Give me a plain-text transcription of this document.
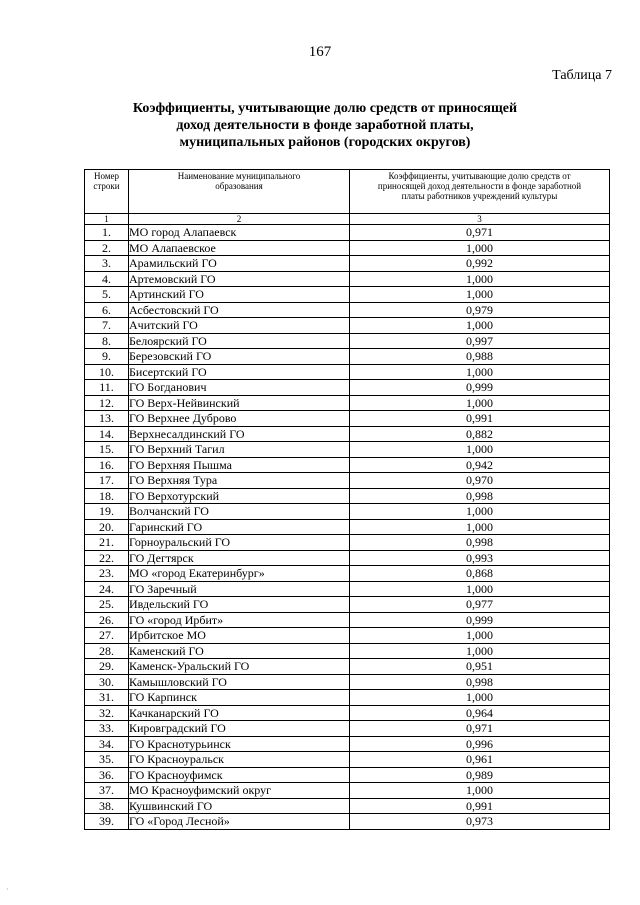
167
Таблица 7
Коэффициенты, учитывающие долю средств от приносящей
доход деятельности в фонде заработной платы,
муниципальных районов (городских округов)
Номер строки	Наименование муниципального образования	Коэффициенты, учитывающие долю средств от приносящей доход деятельности в фонде заработной платы работников учреждений культуры
1	2	3
1.	МО город Алапаевск	0,971
2.	МО Алапаевское	1,000
3.	Арамильский ГО	0,992
4.	Артемовский ГО	1,000
5.	Артинский ГО	1,000
6.	Асбестовский ГО	0,979
7.	Ачитский ГО	1,000
8.	Белоярский ГО	0,997
9.	Березовский ГО	0,988
10.	Бисертский ГО	1,000
11.	ГО Богданович	0,999
12.	ГО Верх-Нейвинский	1,000
13.	ГО Верхнее Дуброво	0,991
14.	Верхнесалдинский ГО	0,882
15.	ГО Верхний Тагил	1,000
16.	ГО Верхняя Пышма	0,942
17.	ГО Верхняя Тура	0,970
18.	ГО Верхотурский	0,998
19.	Волчанский ГО	1,000
20.	Гаринский ГО	1,000
21.	Горноуральский ГО	0,998
22.	ГО Дегтярск	0,993
23.	МО «город Екатеринбург»	0,868
24.	ГО Заречный	1,000
25.	Ивдельский ГО	0,977
26.	ГО «город Ирбит»	0,999
27.	Ирбитское МО	1,000
28.	Каменский ГО	1,000
29.	Каменск-Уральский ГО	0,951
30.	Камышловский ГО	0,998
31.	ГО Карпинск	1,000
32.	Качканарский ГО	0,964
33.	Кировградский ГО	0,971
34.	ГО Краснотурьинск	0,996
35.	ГО Красноуральск	0,961
36.	ГО Красноуфимск	0,989
37.	МО Красноуфимский округ	1,000
38.	Кушвинский ГО	0,991
39.	ГО «Город Лесной»	0,973
·
